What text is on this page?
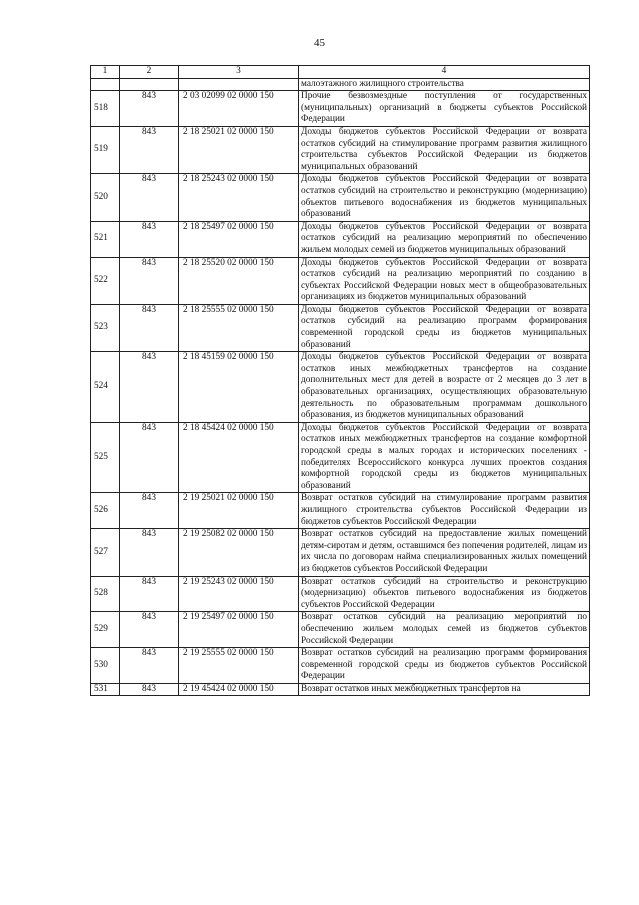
45
1	2	3	4
			малоэтажного жилищного строительства
518	843	2 03 02099 02 0000 150	Прочие безвозмездные поступления от государственных (муниципальных) организаций в бюджеты субъектов Российской Федерации
519	843	2 18 25021 02 0000 150	Доходы бюджетов субъектов Российской Федерации от возврата остатков субсидий на стимулирование программ развития жилищного строительства субъектов Российской Федерации из бюджетов муниципальных образований
520	843	2 18 25243 02 0000 150	Доходы бюджетов субъектов Российской Федерации от возврата остатков субсидий на строительство и реконструкцию (модернизацию) объектов питьевого водоснабжения из бюджетов муниципальных образований
521	843	2 18 25497 02 0000 150	Доходы бюджетов субъектов Российской Федерации от возврата остатков субсидий на реализацию мероприятий по обеспечению жильем молодых семей из бюджетов муниципальных образований
522	843	2 18 25520 02 0000 150	Доходы бюджетов субъектов Российской Федерации от возврата остатков субсидий на реализацию мероприятий по созданию в субъектах Российской Федерации новых мест в общеобразовательных организациях из бюджетов муниципальных образований
523	843	2 18 25555 02 0000 150	Доходы бюджетов субъектов Российской Федерации от возврата остатков субсидий на реализацию программ формирования современной городской среды из бюджетов муниципальных образований
524	843	2 18 45159 02 0000 150	Доходы бюджетов субъектов Российской Федерации от возврата остатков иных межбюджетных трансфертов на создание дополнительных мест для детей в возрасте от 2 месяцев до 3 лет в образовательных организациях, осуществляющих образовательную деятельность по образовательным программам дошкольного образования, из бюджетов муниципальных образований
525	843	2 18 45424 02 0000 150	Доходы бюджетов субъектов Российской Федерации от возврата остатков иных межбюджетных трансфертов на создание комфортной городской среды в малых городах и исторических поселениях - победителях Всероссийского конкурса лучших проектов создания комфортной городской среды из бюджетов муниципальных образований
526	843	2 19 25021 02 0000 150	Возврат остатков субсидий на стимулирование программ развития жилищного строительства субъектов Российской Федерации из бюджетов субъектов Российской Федерации
527	843	2 19 25082 02 0000 150	Возврат остатков субсидий на предоставление жилых помещений детям-сиротам и детям, оставшимся без попечения родителей, лицам из их числа по договорам найма специализированных жилых помещений из бюджетов субъектов Российской Федерации
528	843	2 19 25243 02 0000 150	Возврат остатков субсидий на строительство и реконструкцию (модернизацию) объектов питьевого водоснабжения из бюджетов субъектов Российской Федерации
529	843	2 19 25497 02 0000 150	Возврат остатков субсидий на реализацию мероприятий по обеспечению жильем молодых семей из бюджетов субъектов Российской Федерации
530	843	2 19 25555 02 0000 150	Возврат остатков субсидий на реализацию программ формирования современной городской среды из бюджетов субъектов Российской Федерации
531	843	2 19 45424 02 0000 150	Возврат остатков иных межбюджетных трансфертов на
